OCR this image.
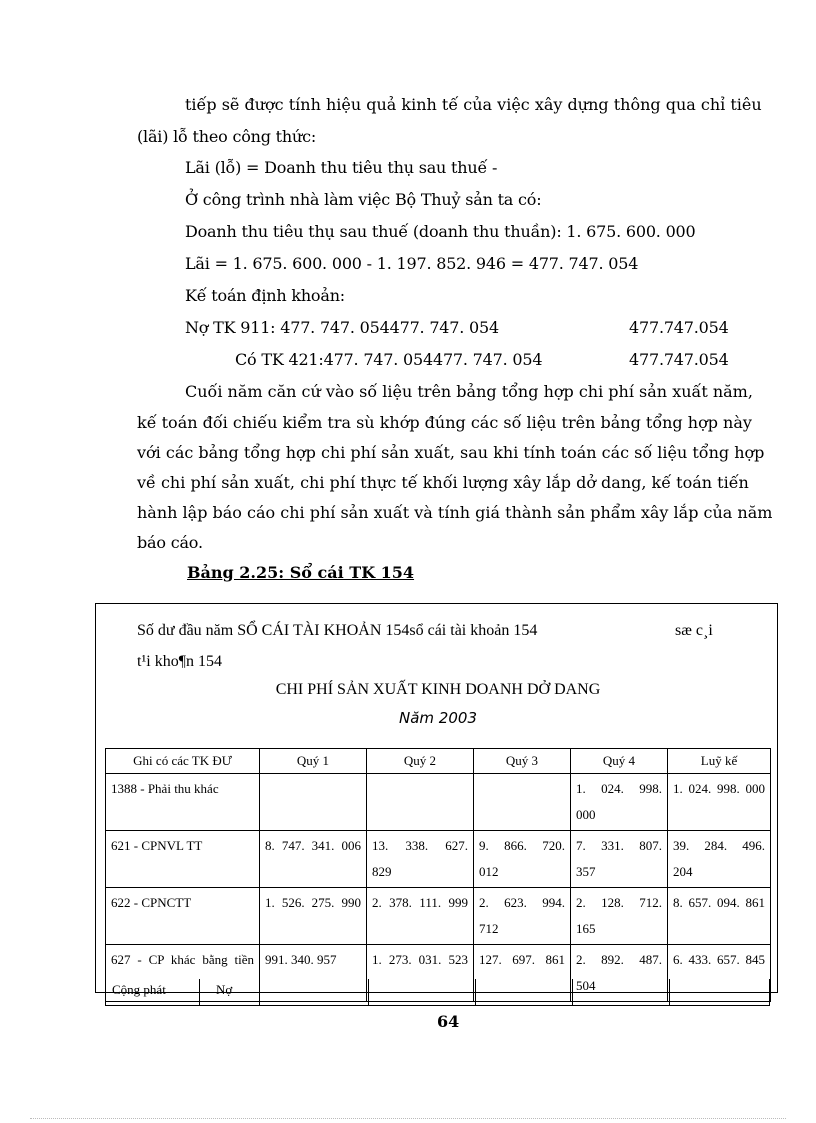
tiếp sẽ được tính hiệu quả kinh tế của việc xây dựng thông qua chỉ tiêu
(lãi) lỗ theo công thức:
Lãi (lỗ) = Doanh thu tiêu thụ sau thuế -
Ở công trình nhà làm việc Bộ Thuỷ sản ta có:
Doanh thu tiêu thụ sau thuế (doanh thu thuần): 1. 675. 600. 000
Lãi = 1. 675. 600. 000 - 1. 197. 852. 946 = 477. 747. 054
Kế toán định khoản:
Nợ TK 911: 477. 747. 054477. 747. 054	477.747.054
Có TK 421:477. 747. 054477. 747. 054	477.747.054
Cuối năm căn cứ vào số liệu trên bảng tổng hợp chi phí sản xuất năm,
kế toán đối chiếu kiểm tra sù khớp đúng các số liệu trên bảng tổng hợp này
với các bảng tổng hợp chi phí sản xuất, sau khi tính toán các số liệu tổng hợp
về chi phí sản xuất, chi phí thực tế khối lượng xây lắp dở dang, kế toán tiến
hành lập báo cáo chi phí sản xuất và tính giá thành sản phẩm xây lắp của năm
báo cáo.
Bảng 2.25: Sổ cái TK 154
Số dư đầu năm SỔ CÁI TÀI KHOẢN 154sổ cái tài khoản 154	sæ c¸i
t¹i kho¶n 154
CHI PHÍ SẢN XUẤT KINH DOANH DỞ DANG
Năm 2003
Ghi có các TK ĐƯ	Quý 1	Quý 2	Quý 3	Quý 4	Luỹ kế
1388 - Phải thu khác				1. 024. 998. 000	1. 024. 998. 000
621 - CPNVL TT	8. 747. 341. 006	13. 338. 627. 829	9. 866. 720. 012	7. 331. 807. 357	39. 284. 496. 204
622 - CPNCTT	1. 526. 275. 990	2. 378. 111. 999	2. 623. 994. 712	2. 128. 712. 165	8. 657. 094. 861
627 - CP khác bằng tiền	991. 340. 957	1. 273. 031. 523	127. 697. 861	2. 892. 487. 504	6. 433. 657. 845
Cộng phát	Nợ
64
